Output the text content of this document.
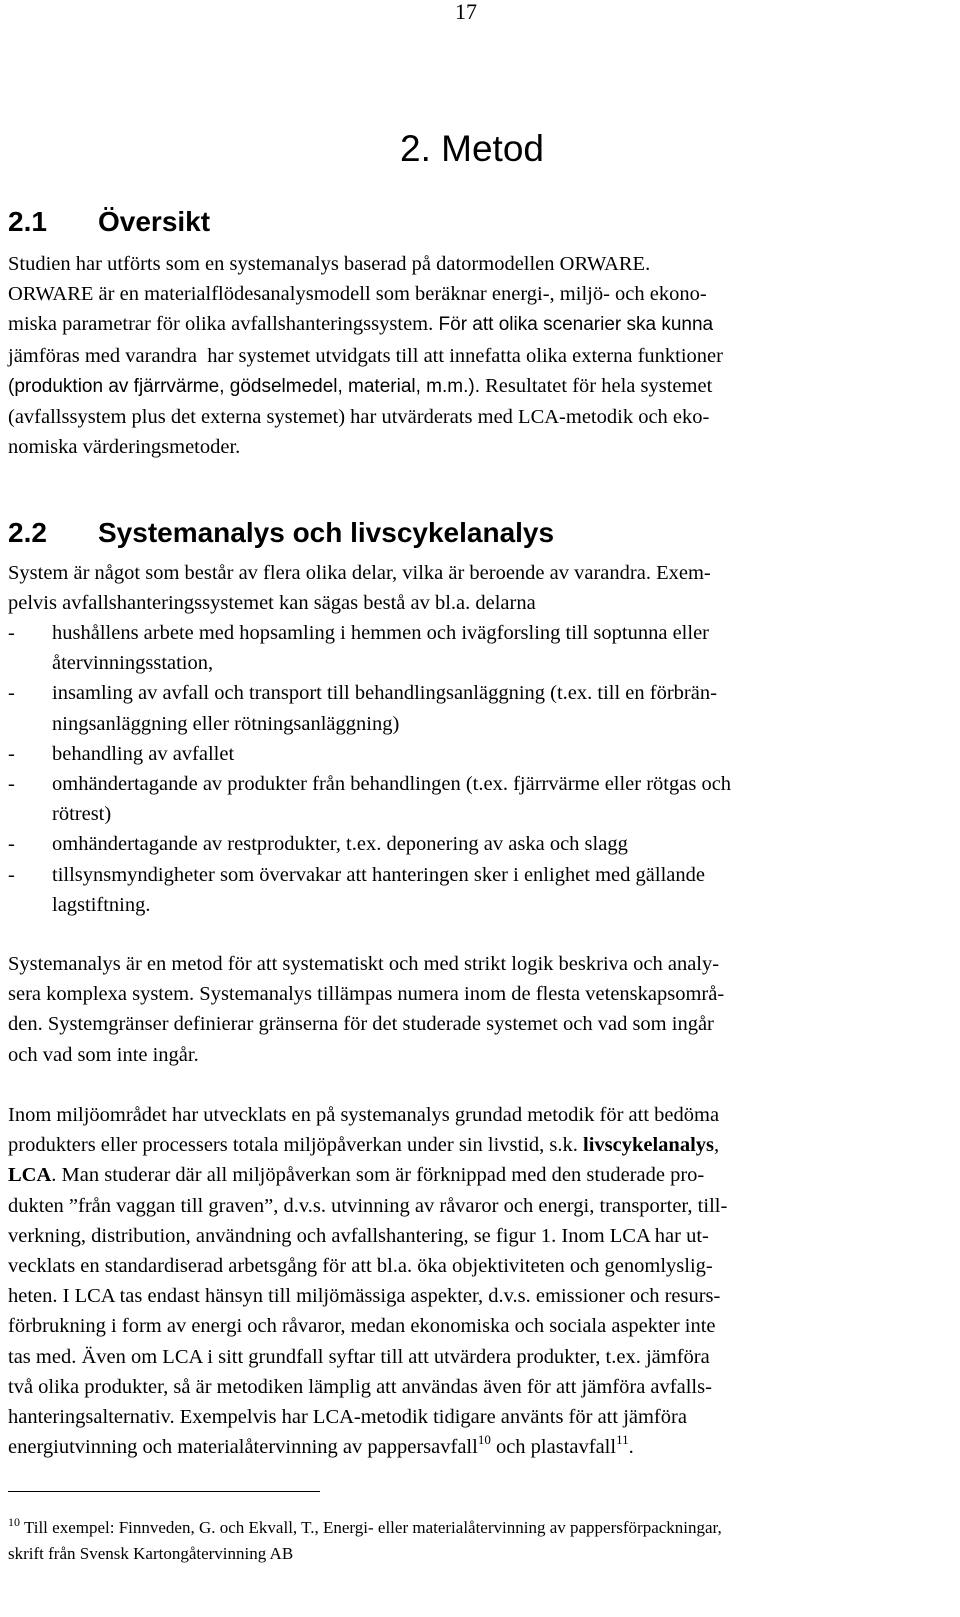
17
2. Metod
2.1 Översikt

Studien har utförts som en systemanalys baserad på datormodellen ORWARE.
ORWARE är en materialflödesanalysmodell som beräknar energi-, miljö- och ekono-
miska parametrar för olika avfallshanteringssystem. För att olika scenarier ska kunna
jämföras med varandra  har systemet utvidgats till att innefatta olika externa funktioner
(produktion av fjärrvärme, gödselmedel, material, m.m.). Resultatet för hela systemet
(avfallssystem plus det externa systemet) har utvärderats med LCA-metodik och eko-
nomiska värderingsmetoder.

2.2 Systemanalys och livscykelanalys

System är något som består av flera olika delar, vilka är beroende av varandra. Exem-
pelvis avfallshanteringssystemet kan sägas bestå av bl.a. delarna

- hushållens arbete med hopsamling i hemmen och ivägforsling till soptunna eller
återvinningsstation,
- insamling av avfall och transport till behandlingsanläggning (t.ex. till en förbrän-
ningsanläggning eller rötningsanläggning)
- behandling av avfallet
- omhändertagande av produkter från behandlingen (t.ex. fjärrvärme eller rötgas och
rötrest)
- omhändertagande av restprodukter, t.ex. deponering av aska och slagg
- tillsynsmyndigheter som övervakar att hanteringen sker i enlighet med gällande
lagstiftning.

Systemanalys är en metod för att systematiskt och med strikt logik beskriva och analy-
sera komplexa system. Systemanalys tillämpas numera inom de flesta vetenskapsområ-
den. Systemgränser definierar gränserna för det studerade systemet och vad som ingår
och vad som inte ingår.

Inom miljöområdet har utvecklats en på systemanalys grundad metodik för att bedöma
produkters eller processers totala miljöpåverkan under sin livstid, s.k. livscykelanalys,
LCA. Man studerar där all miljöpåverkan som är förknippad med den studerade pro-
dukten ”från vaggan till graven”, d.v.s. utvinning av råvaror och energi, transporter, till-
verkning, distribution, användning och avfallshantering, se figur 1. Inom LCA har ut-
vecklats en standardiserad arbetsgång för att bl.a. öka objektiviteten och genomlyslig-
heten. I LCA tas endast hänsyn till miljömässiga aspekter, d.v.s. emissioner och resurs-
förbrukning i form av energi och råvaror, medan ekonomiska och sociala aspekter inte
tas med. Även om LCA i sitt grundfall syftar till att utvärdera produkter, t.ex. jämföra
två olika produkter, så är metodiken lämplig att användas även för att jämföra avfalls-
hanteringsalternativ. Exempelvis har LCA-metodik tidigare använts för att jämföra
energiutvinning och materialåtervinning av pappersavfall$^{10}$ och plastavfall$^{11}$.

$^{10}$ Till exempel: Finnveden, G. och Ekvall, T., Energi- eller materialåtervinning av pappersförpackningar,
skrift från Svensk Kartongåtervinning AB
